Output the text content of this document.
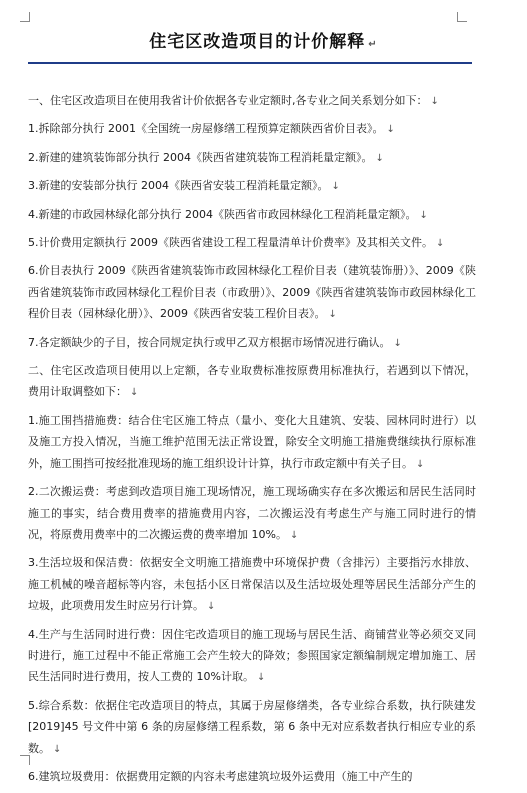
住宅区改造项目的计价解释 ↵

一、住宅区改造项目在使用我省计价依据各专业定额时,各专业之间关系划分如下： ↓

1.拆除部分执行 2001《全国统一房屋修缮工程预算定额陕西省价目表》。 ↓

2.新建的建筑装饰部分执行 2004《陕西省建筑装饰工程消耗量定额》。 ↓

3.新建的安装部分执行 2004《陕西省安装工程消耗量定额》。 ↓

4.新建的市政园林绿化部分执行 2004《陕西省市政园林绿化工程消耗量定额》。 ↓

5.计价费用定额执行 2009《陕西省建设工程工程量清单计价费率》及其相关文件。 ↓

6.价目表执行 2009《陕西省建筑装饰市政园林绿化工程价目表（建筑装饰册）》、2009《陕西省建筑装饰市政园林绿化工程价目表（市政册）》、2009《陕西省建筑装饰市政园林绿化工程价目表（园林绿化册）》、2009《陕西省安装工程价目表》。 ↓

7.各定额缺少的子目，按合同规定执行或甲乙双方根据市场情况进行确认。 ↓

二、住宅区改造项目使用以上定额，各专业取费标准按原费用标准执行，若遇到以下情况，费用计取调整如下： ↓

1.施工围挡措施费：结合住宅区施工特点（量小、变化大且建筑、安装、园林同时进行）以及施工方投入情况，当施工维护范围无法正常设置，除安全文明施工措施费继续执行原标准外，施工围挡可按经批准现场的施工组织设计计算，执行市政定额中有关子目。 ↓

2.二次搬运费：考虑到改造项目施工现场情况，施工现场确实存在多次搬运和居民生活同时施工的事实，结合费用费率的措施费用内容，二次搬运没有考虑生产与施工同时进行的情况，将原费用费率中的二次搬运费的费率增加 10%。 ↓

3.生活垃圾和保洁费：依据安全文明施工措施费中环境保护费（含排污）主要指污水排放、施工机械的噪音超标等内容，未包括小区日常保洁以及生活垃圾处理等居民生活部分产生的垃圾，此项费用发生时应另行计算。 ↓

4.生产与生活同时进行费：因住宅改造项目的施工现场与居民生活、商铺营业等必须交叉同时进行，施工过程中不能正常施工会产生较大的降效；参照国家定额编制规定增加施工、居民生活同时进行费用，按人工费的 10%计取。 ↓

5.综合系数：依据住宅改造项目的特点，其属于房屋修缮类，各专业综合系数，执行陕建发[2019]45 号文件中第 6 条的房屋修缮工程系数，第 6 条中无对应系数者执行相应专业的系数。 ↓

6.建筑垃圾费用：依据费用定额的内容未考虑建筑垃圾外运费用（施工中产生的
